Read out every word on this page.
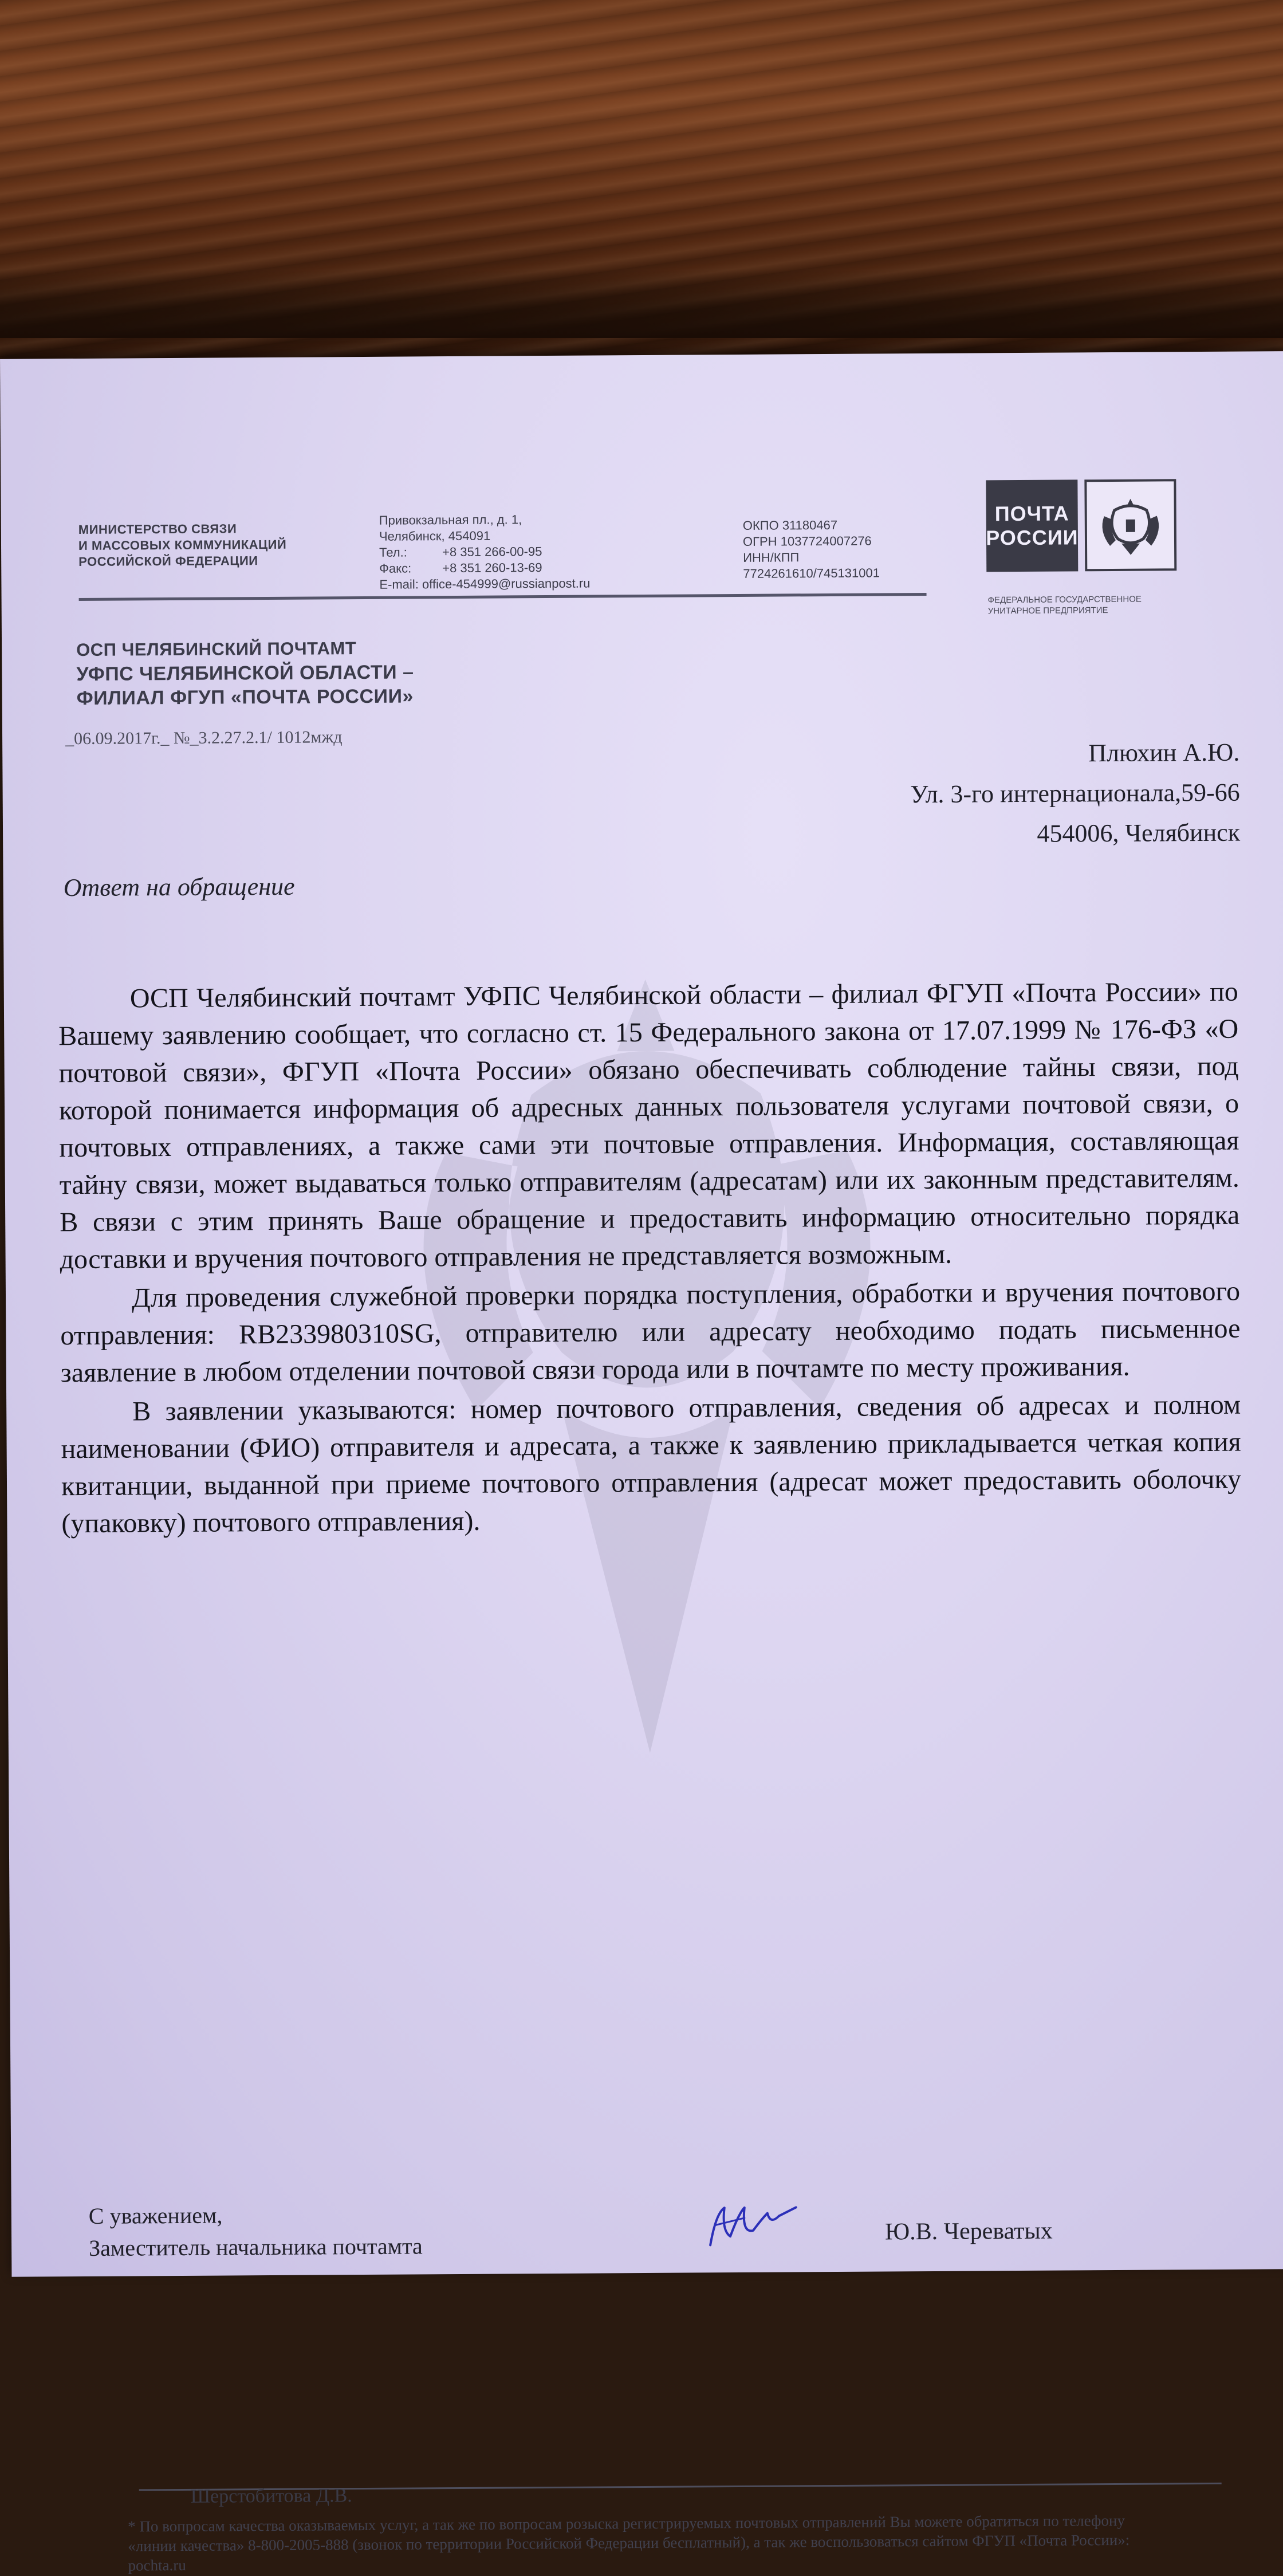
МИНИСТЕРСТВО СВЯЗИ
И МАССОВЫХ КОММУНИКАЦИЙ
РОССИЙСКОЙ ФЕДЕРАЦИИ
Привокзальная пл., д. 1,
Челябинск, 454091
Тел.:	+8 351 266-00-95
Факс:	+8 351 260-13-69
E-mail: office-454999@russianpost.ru
ОКПО 31180467
ОГРН 1037724007276
ИНН/КПП
7724261610/745131001
ПОЧТА
РОССИИ
ФЕДЕРАЛЬНОЕ ГОСУДАРСТВЕННОЕ
УНИТАРНОЕ ПРЕДПРИЯТИЕ
ОСП ЧЕЛЯБИНСКИЙ ПОЧТАМТ
УФПС ЧЕЛЯБИНСКОЙ ОБЛАСТИ –
ФИЛИАЛ ФГУП «ПОЧТА РОССИИ»
_06.09.2017г._ №_3.2.27.2.1/ 1012мжд
Плюхин А.Ю.
Ул. 3-го интернационала,59-66
454006, Челябинск
Ответ на обращение

ОСП Челябинский почтамт УФПС Челябинской области – филиал ФГУП «Почта России» по Вашему заявлению сообщает, что согласно ст. 15 Федерального закона от 17.07.1999 № 176-ФЗ «О почтовой связи», ФГУП «Почта России» обязано обеспечивать соблюдение тайны связи, под которой понимается информация об адресных данных пользователя услугами почтовой связи, о почтовых отправлениях, а также сами эти почтовые отправления. Информация, составляющая тайну связи, может выдаваться только отправителям (адресатам) или их законным представителям. В связи с этим принять Ваше обращение и предоставить информацию относительно порядка доставки и вручения почтового отправления не представляется возможным.

Для проведения служебной проверки порядка поступления, обработки и вручения почтового отправления: RB233980310SG, отправителю или адресату необходимо подать письменное заявление в любом отделении почтовой связи города или в почтамте по месту проживания.

В заявлении указываются: номер почтового отправления, сведения об адресах и полном наименовании (ФИО) отправителя и адресата, а также к заявлению прикладывается четкая копия квитанции, выданной при приеме почтового отправления (адресат может предоставить оболочку (упаковку) почтового отправления).

С уважением,
Заместитель начальника почтамта
Ю.В. Череватых
Шерстобитова Д.В.
* По вопросам качества оказываемых услуг, а так же по вопросам розыска регистрируемых почтовых отправлений Вы можете обратиться по телефону «линии качества» 8-800-2005-888 (звонок по территории Российской Федерации бесплатный), а так же воспользоваться сайтом ФГУП «Почта России»: pochta.ru
